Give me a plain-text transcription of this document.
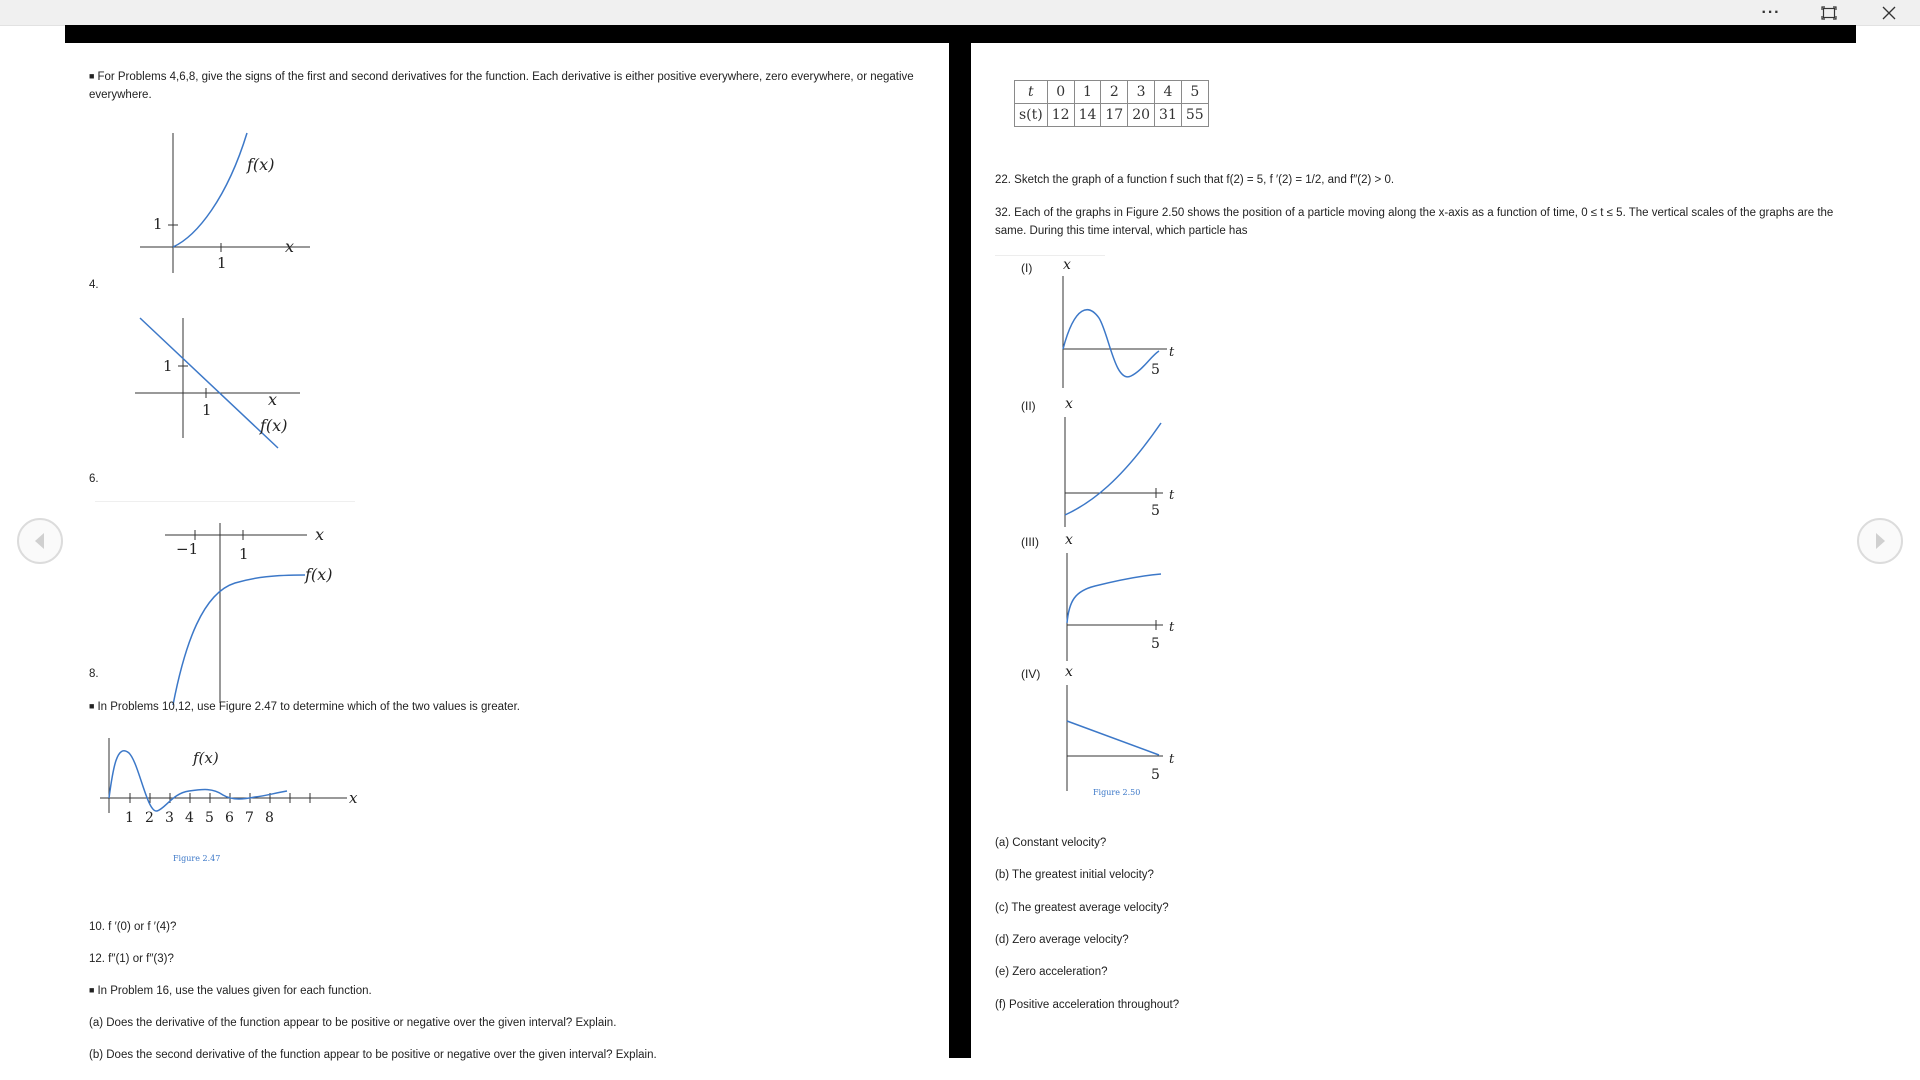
···

■ For Problems 4,6,8, give the signs of the first and second derivatives for the function. Each derivative is either positive everywhere, zero everywhere, or negative everywhere.

1
1
x
f(x)
4.
1
1
x
f(x)
6.
−1	1
x
f(x)
8.

■ In Problems 10,12, use Figure 2.47 to determine which of the two values is greater.

f(x)
x
1 2 3 4 5 6 7 8
Figure 2.47
10. f ′(0) or f ′(4)?
12. f″(1) or f″(3)?

■ In Problem 16, use the values given for each function.

(a) Does the derivative of the function appear to be positive or negative over the given interval? Explain.
(b) Does the second derivative of the function appear to be positive or negative over the given interval? Explain.
t	0	1	2	3	4	5
s(t)	12	14	17	20	31	55
22. Sketch the graph of a function f such that f(2) = 5, f ′(2) = 1/2, and f″(2) > 0.
32. Each of the graphs in Figure 2.50 shows the position of a particle moving along the x-axis as a function of time, 0 ≤ t ≤ 5. The vertical scales of the graphs are the same. During this time interval, which particle has
(I) x
t
5
(II) x
t
5
(III) x
t
5
(IV) x
t
5
Figure 2.50
(a) Constant velocity?
(b) The greatest initial velocity?
(c) The greatest average velocity?
(d) Zero average velocity?
(e) Zero acceleration?
(f) Positive acceleration throughout?
